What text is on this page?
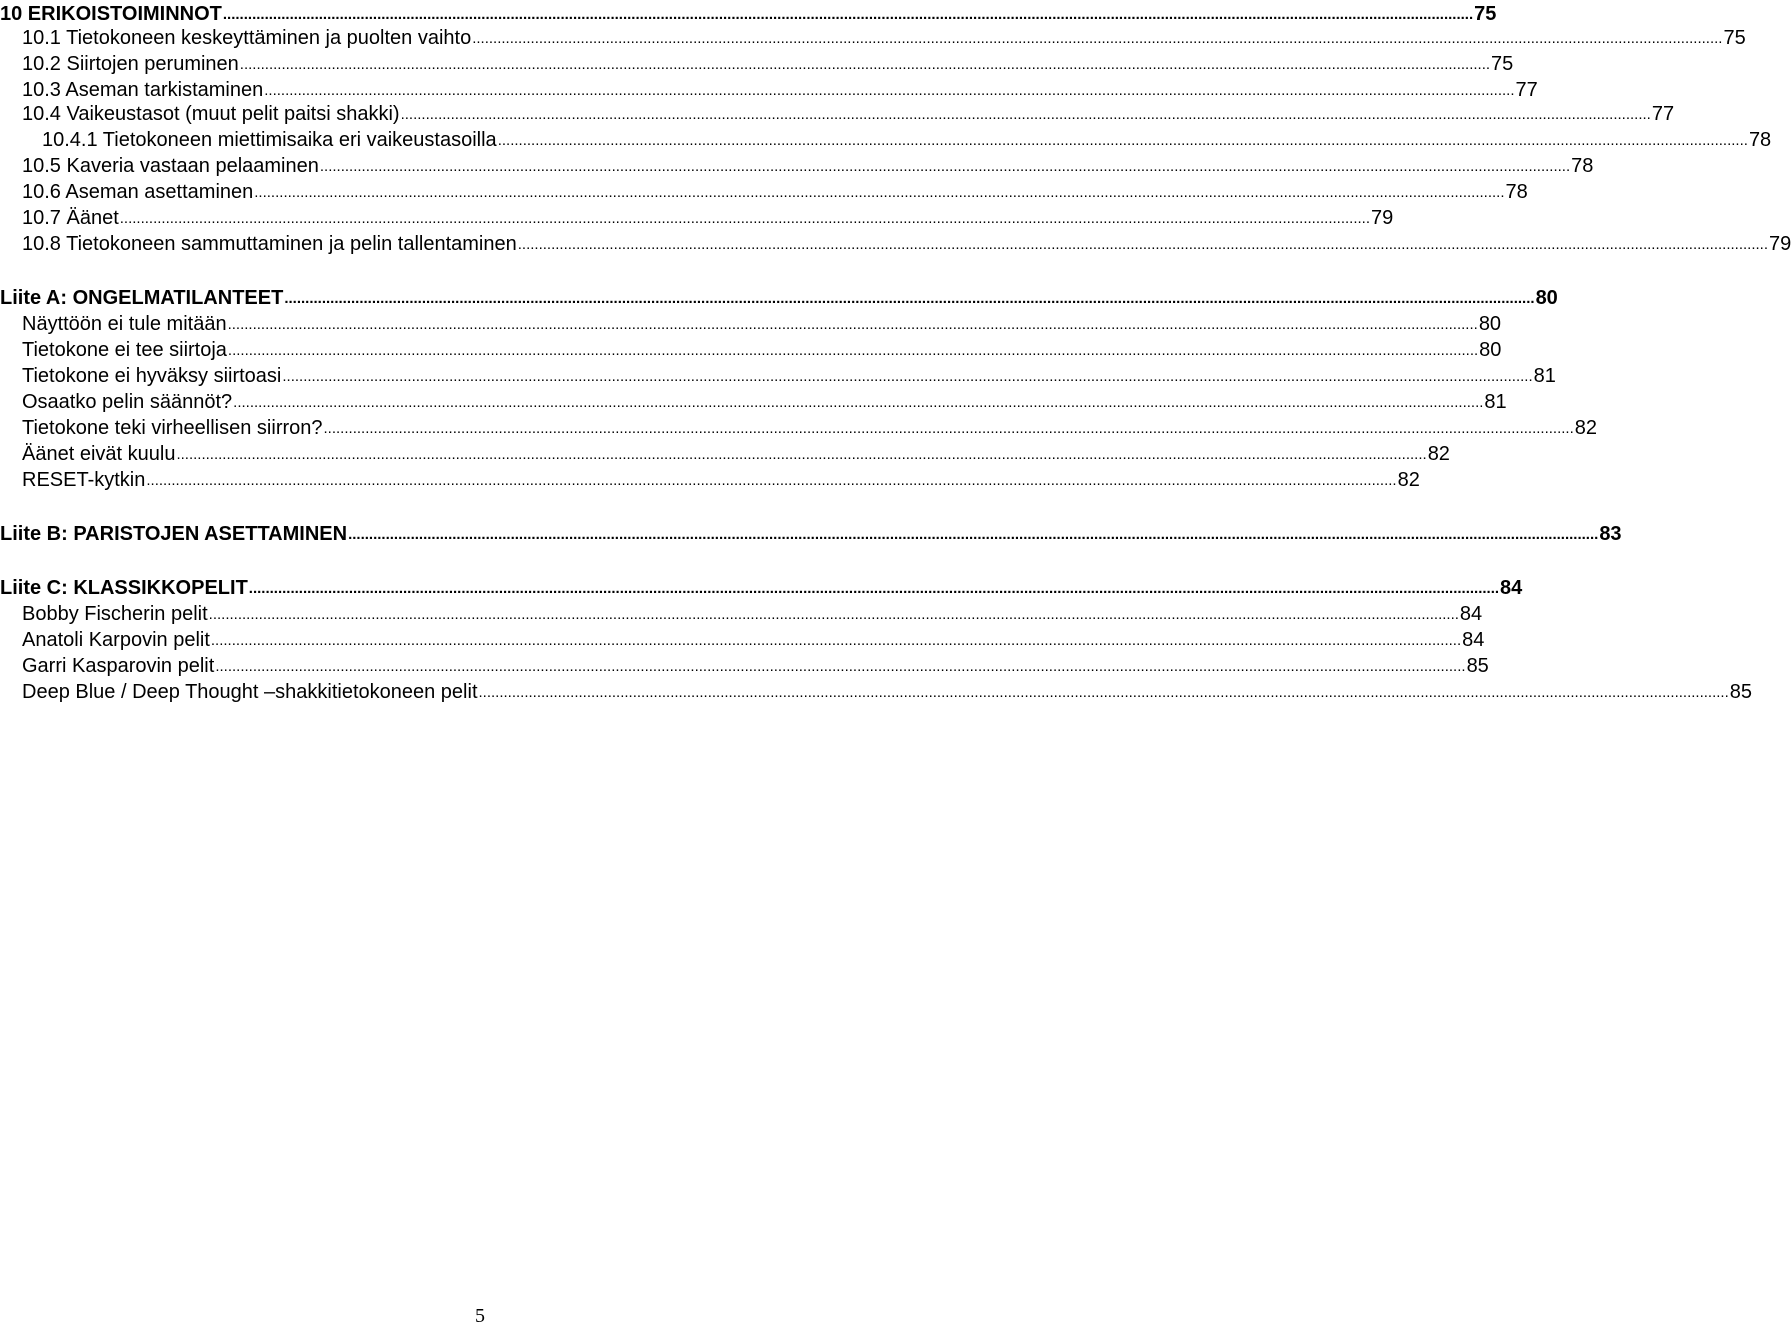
10 ERIKOISTOIMINNOT ............................................................................................................................................................................................................................................................................................................ 75
10.1 Tietokoneen keskeyttäminen ja puolten vaihto ............................................................................................................................................................................................................................................................................................................ 75
10.2 Siirtojen peruminen ............................................................................................................................................................................................................................................................................................................ 75
10.3 Aseman tarkistaminen ............................................................................................................................................................................................................................................................................................................ 77
10.4 Vaikeustasot (muut pelit paitsi shakki) ............................................................................................................................................................................................................................................................................................................ 77
10.4.1 Tietokoneen miettimisaika eri vaikeustasoilla ............................................................................................................................................................................................................................................................................................................ 78
10.5 Kaveria vastaan pelaaminen ............................................................................................................................................................................................................................................................................................................ 78
10.6 Aseman asettaminen ............................................................................................................................................................................................................................................................................................................ 78
10.7 Äänet ............................................................................................................................................................................................................................................................................................................ 79
10.8 Tietokoneen sammuttaminen ja pelin tallentaminen ............................................................................................................................................................................................................................................................................................................ 79
Liite A: ONGELMATILANTEET ............................................................................................................................................................................................................................................................................................................ 80
Näyttöön ei tule mitään ............................................................................................................................................................................................................................................................................................................ 80
Tietokone ei tee siirtoja ............................................................................................................................................................................................................................................................................................................ 80
Tietokone ei hyväksy siirtoasi ............................................................................................................................................................................................................................................................................................................ 81
Osaatko pelin säännöt? ............................................................................................................................................................................................................................................................................................................ 81
Tietokone teki virheellisen siirron? ............................................................................................................................................................................................................................................................................................................ 82
Äänet eivät kuulu ............................................................................................................................................................................................................................................................................................................ 82
RESET-kytkin ............................................................................................................................................................................................................................................................................................................ 82
Liite B: PARISTOJEN ASETTAMINEN ............................................................................................................................................................................................................................................................................................................ 83
Liite C: KLASSIKKOPELIT ............................................................................................................................................................................................................................................................................................................ 84
Bobby Fischerin pelit ............................................................................................................................................................................................................................................................................................................ 84
Anatoli Karpovin pelit ............................................................................................................................................................................................................................................................................................................ 84
Garri Kasparovin pelit ............................................................................................................................................................................................................................................................................................................ 85
Deep Blue / Deep Thought –shakkitietokoneen pelit ............................................................................................................................................................................................................................................................................................................ 85
5
